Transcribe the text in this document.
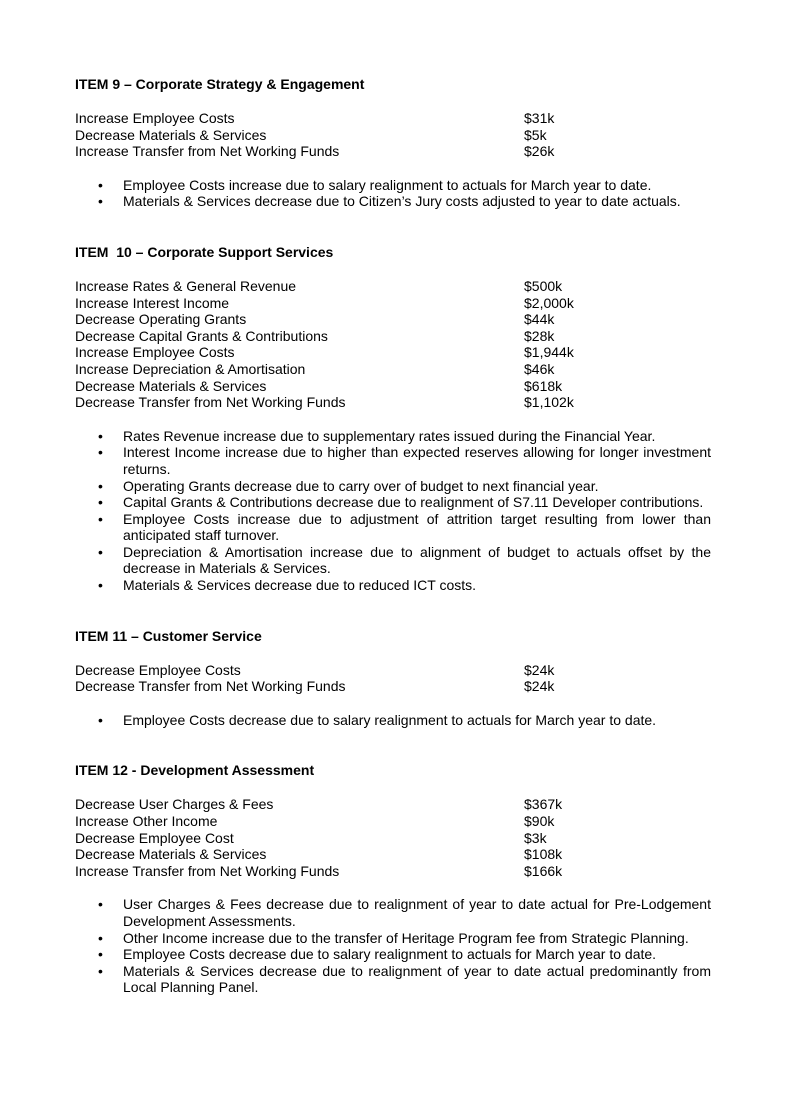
ITEM 9 – Corporate Strategy & Engagement

Increase Employee Costs	$31k
Decrease Materials & Services	$5k
Increase Transfer from Net Working Funds	$26k
• Employee Costs increase due to salary realignment to actuals for March year to date.
• Materials & Services decrease due to Citizen’s Jury costs adjusted to year to date actuals.

ITEM  10 – Corporate Support Services

Increase Rates & General Revenue	$500k
Increase Interest Income	$2,000k
Decrease Operating Grants	$44k
Decrease Capital Grants & Contributions	$28k
Increase Employee Costs	$1,944k
Increase Depreciation & Amortisation	$46k
Decrease Materials & Services	$618k
Decrease Transfer from Net Working Funds	$1,102k
• Rates Revenue increase due to supplementary rates issued during the Financial Year.
• Interest Income increase due to higher than expected reserves allowing for longer investment returns.
• Operating Grants decrease due to carry over of budget to next financial year.
• Capital Grants & Contributions decrease due to realignment of S7.11 Developer contributions.
• Employee Costs increase due to adjustment of attrition target resulting from lower than anticipated staff turnover.
• Depreciation & Amortisation increase due to alignment of budget to actuals offset by the decrease in Materials & Services.
• Materials & Services decrease due to reduced ICT costs.

ITEM 11 – Customer Service

Decrease Employee Costs	$24k
Decrease Transfer from Net Working Funds	$24k
• Employee Costs decrease due to salary realignment to actuals for March year to date.

ITEM 12 - Development Assessment

Decrease User Charges & Fees	$367k
Increase Other Income	$90k
Decrease Employee Cost	$3k
Decrease Materials & Services	$108k
Increase Transfer from Net Working Funds	$166k
• User Charges & Fees decrease due to realignment of year to date actual for Pre-Lodgement Development Assessments.
• Other Income increase due to the transfer of Heritage Program fee from Strategic Planning.
• Employee Costs decrease due to salary realignment to actuals for March year to date.
• Materials & Services decrease due to realignment of year to date actual predominantly from Local Planning Panel.
